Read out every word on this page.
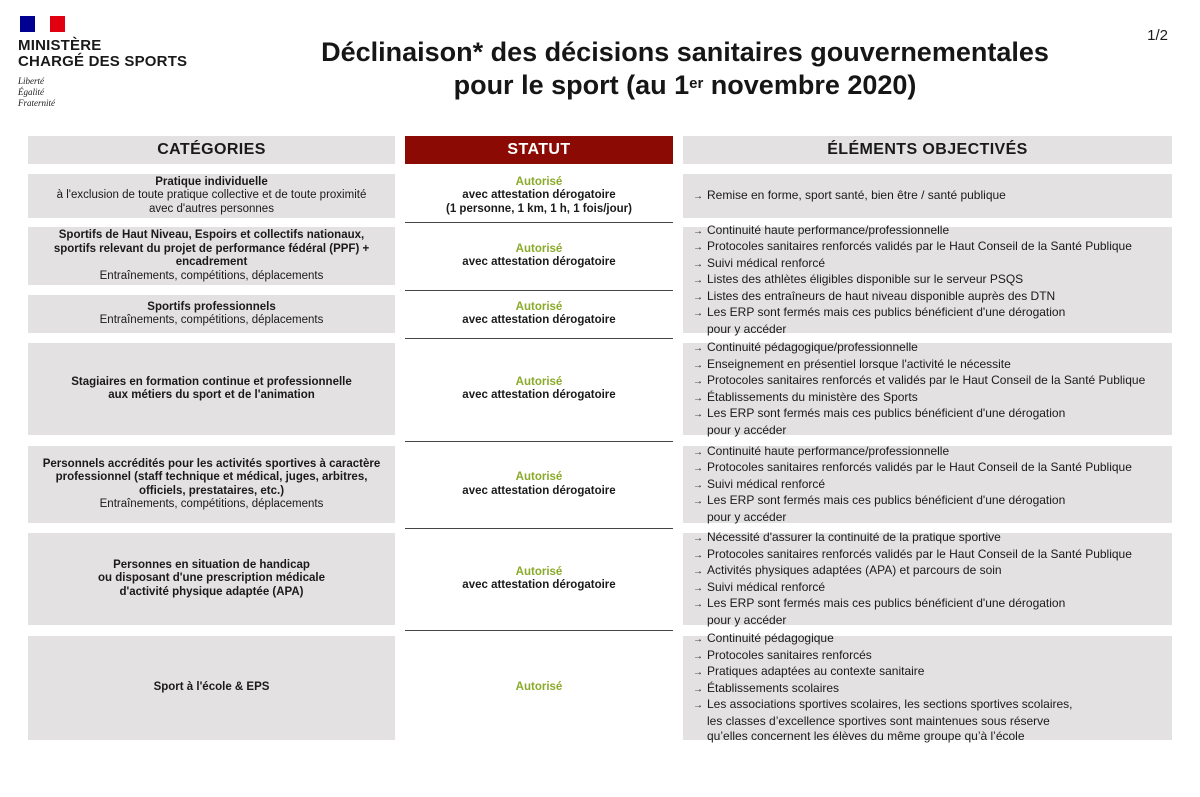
MINISTÈRE
CHARGÉ DES SPORTS
Liberté
Égalité
Fraternité
1/2
Déclinaison* des décisions sanitaires gouvernementales
pour le sport (au 1er novembre 2020)
CATÉGORIES	STATUT	ÉLÉMENTS OBJECTIVÉS
Pratique individuelle
à l'exclusion de toute pratique collective et de toute proximité
avec d'autres personnes
Sportifs de Haut Niveau, Espoirs et collectifs nationaux,
sportifs relevant du projet de performance fédéral (PPF) +
encadrement
Entraînements, compétitions, déplacements
Sportifs professionnels
Entraînements, compétitions, déplacements
Stagiaires en formation continue et professionnelle
aux métiers du sport et de l'animation
Personnels accrédités pour les activités sportives à caractère
professionnel (staff technique et médical, juges, arbitres,
officiels, prestataires, etc.)
Entraînements, compétitions, déplacements
Personnes en situation de handicap
ou disposant d'une prescription médicale
d'activité physique adaptée (APA)
Sport à l'école & EPS
Autorisé
avec attestation dérogatoire
(1 personne, 1 km, 1 h, 1 fois/jour)
Autorisé
avec attestation dérogatoire
Autorisé
avec attestation dérogatoire
Autorisé
avec attestation dérogatoire
Autorisé
avec attestation dérogatoire
Autorisé
avec attestation dérogatoire
Autorisé
→ Remise en forme, sport santé, bien être / santé publique
→ Continuité haute performance/professionnelle
→ Protocoles sanitaires renforcés validés par le Haut Conseil de la Santé Publique
→ Suivi médical renforcé
→ Listes des athlètes éligibles disponible sur le serveur PSQS
→ Listes des entraîneurs de haut niveau disponible auprès des DTN
→ Les ERP sont fermés mais ces publics bénéficient d'une dérogation
pour y accéder
→ Continuité pédagogique/professionnelle
→ Enseignement en présentiel lorsque l'activité le nécessite
→ Protocoles sanitaires renforcés et validés par le Haut Conseil de la Santé Publique
→ Établissements du ministère des Sports
→ Les ERP sont fermés mais ces publics bénéficient d'une dérogation
pour y accéder
→ Continuité haute performance/professionnelle
→ Protocoles sanitaires renforcés validés par le Haut Conseil de la Santé Publique
→ Suivi médical renforcé
→ Les ERP sont fermés mais ces publics bénéficient d'une dérogation
pour y accéder
→ Nécessité d'assurer la continuité de la pratique sportive
→ Protocoles sanitaires renforcés validés par le Haut Conseil de la Santé Publique
→ Activités physiques adaptées (APA) et parcours de soin
→ Suivi médical renforcé
→ Les ERP sont fermés mais ces publics bénéficient d'une dérogation
pour y accéder
→ Continuité pédagogique
→ Protocoles sanitaires renforcés
→ Pratiques adaptées au contexte sanitaire
→ Établissements scolaires
→ Les associations sportives scolaires, les sections sportives scolaires,
les classes d’excellence sportives sont maintenues sous réserve
qu’elles concernent les élèves du même groupe qu’à l’école
